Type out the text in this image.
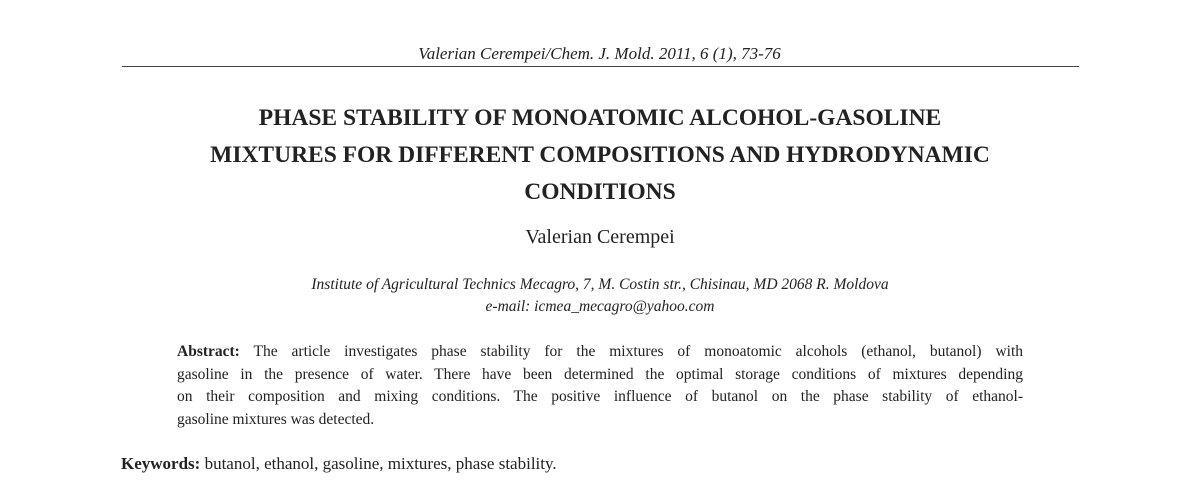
Valerian Cerempei/Chem. J. Mold. 2011, 6 (1), 73-76
PHASE STABILITY OF MONOATOMIC ALCOHOL-GASOLINE
MIXTURES FOR DIFFERENT COMPOSITIONS AND HYDRODYNAMIC
CONDITIONS
Valerian Cerempei
Institute of Agricultural Technics Mecagro, 7, M. Costin str., Chisinau, MD 2068 R. Moldova
e-mail: icmea_mecagro@yahoo.com

Abstract: The article investigates phase stability for the mixtures of monoatomic alcohols (ethanol, butanol) with
gasoline in the presence of water. There have been determined the optimal storage conditions of mixtures depending
on their composition and mixing conditions. The positive influence of butanol on the phase stability of ethanol-
gasoline mixtures was detected.

Keywords: butanol, ethanol, gasoline, mixtures, phase stability.
